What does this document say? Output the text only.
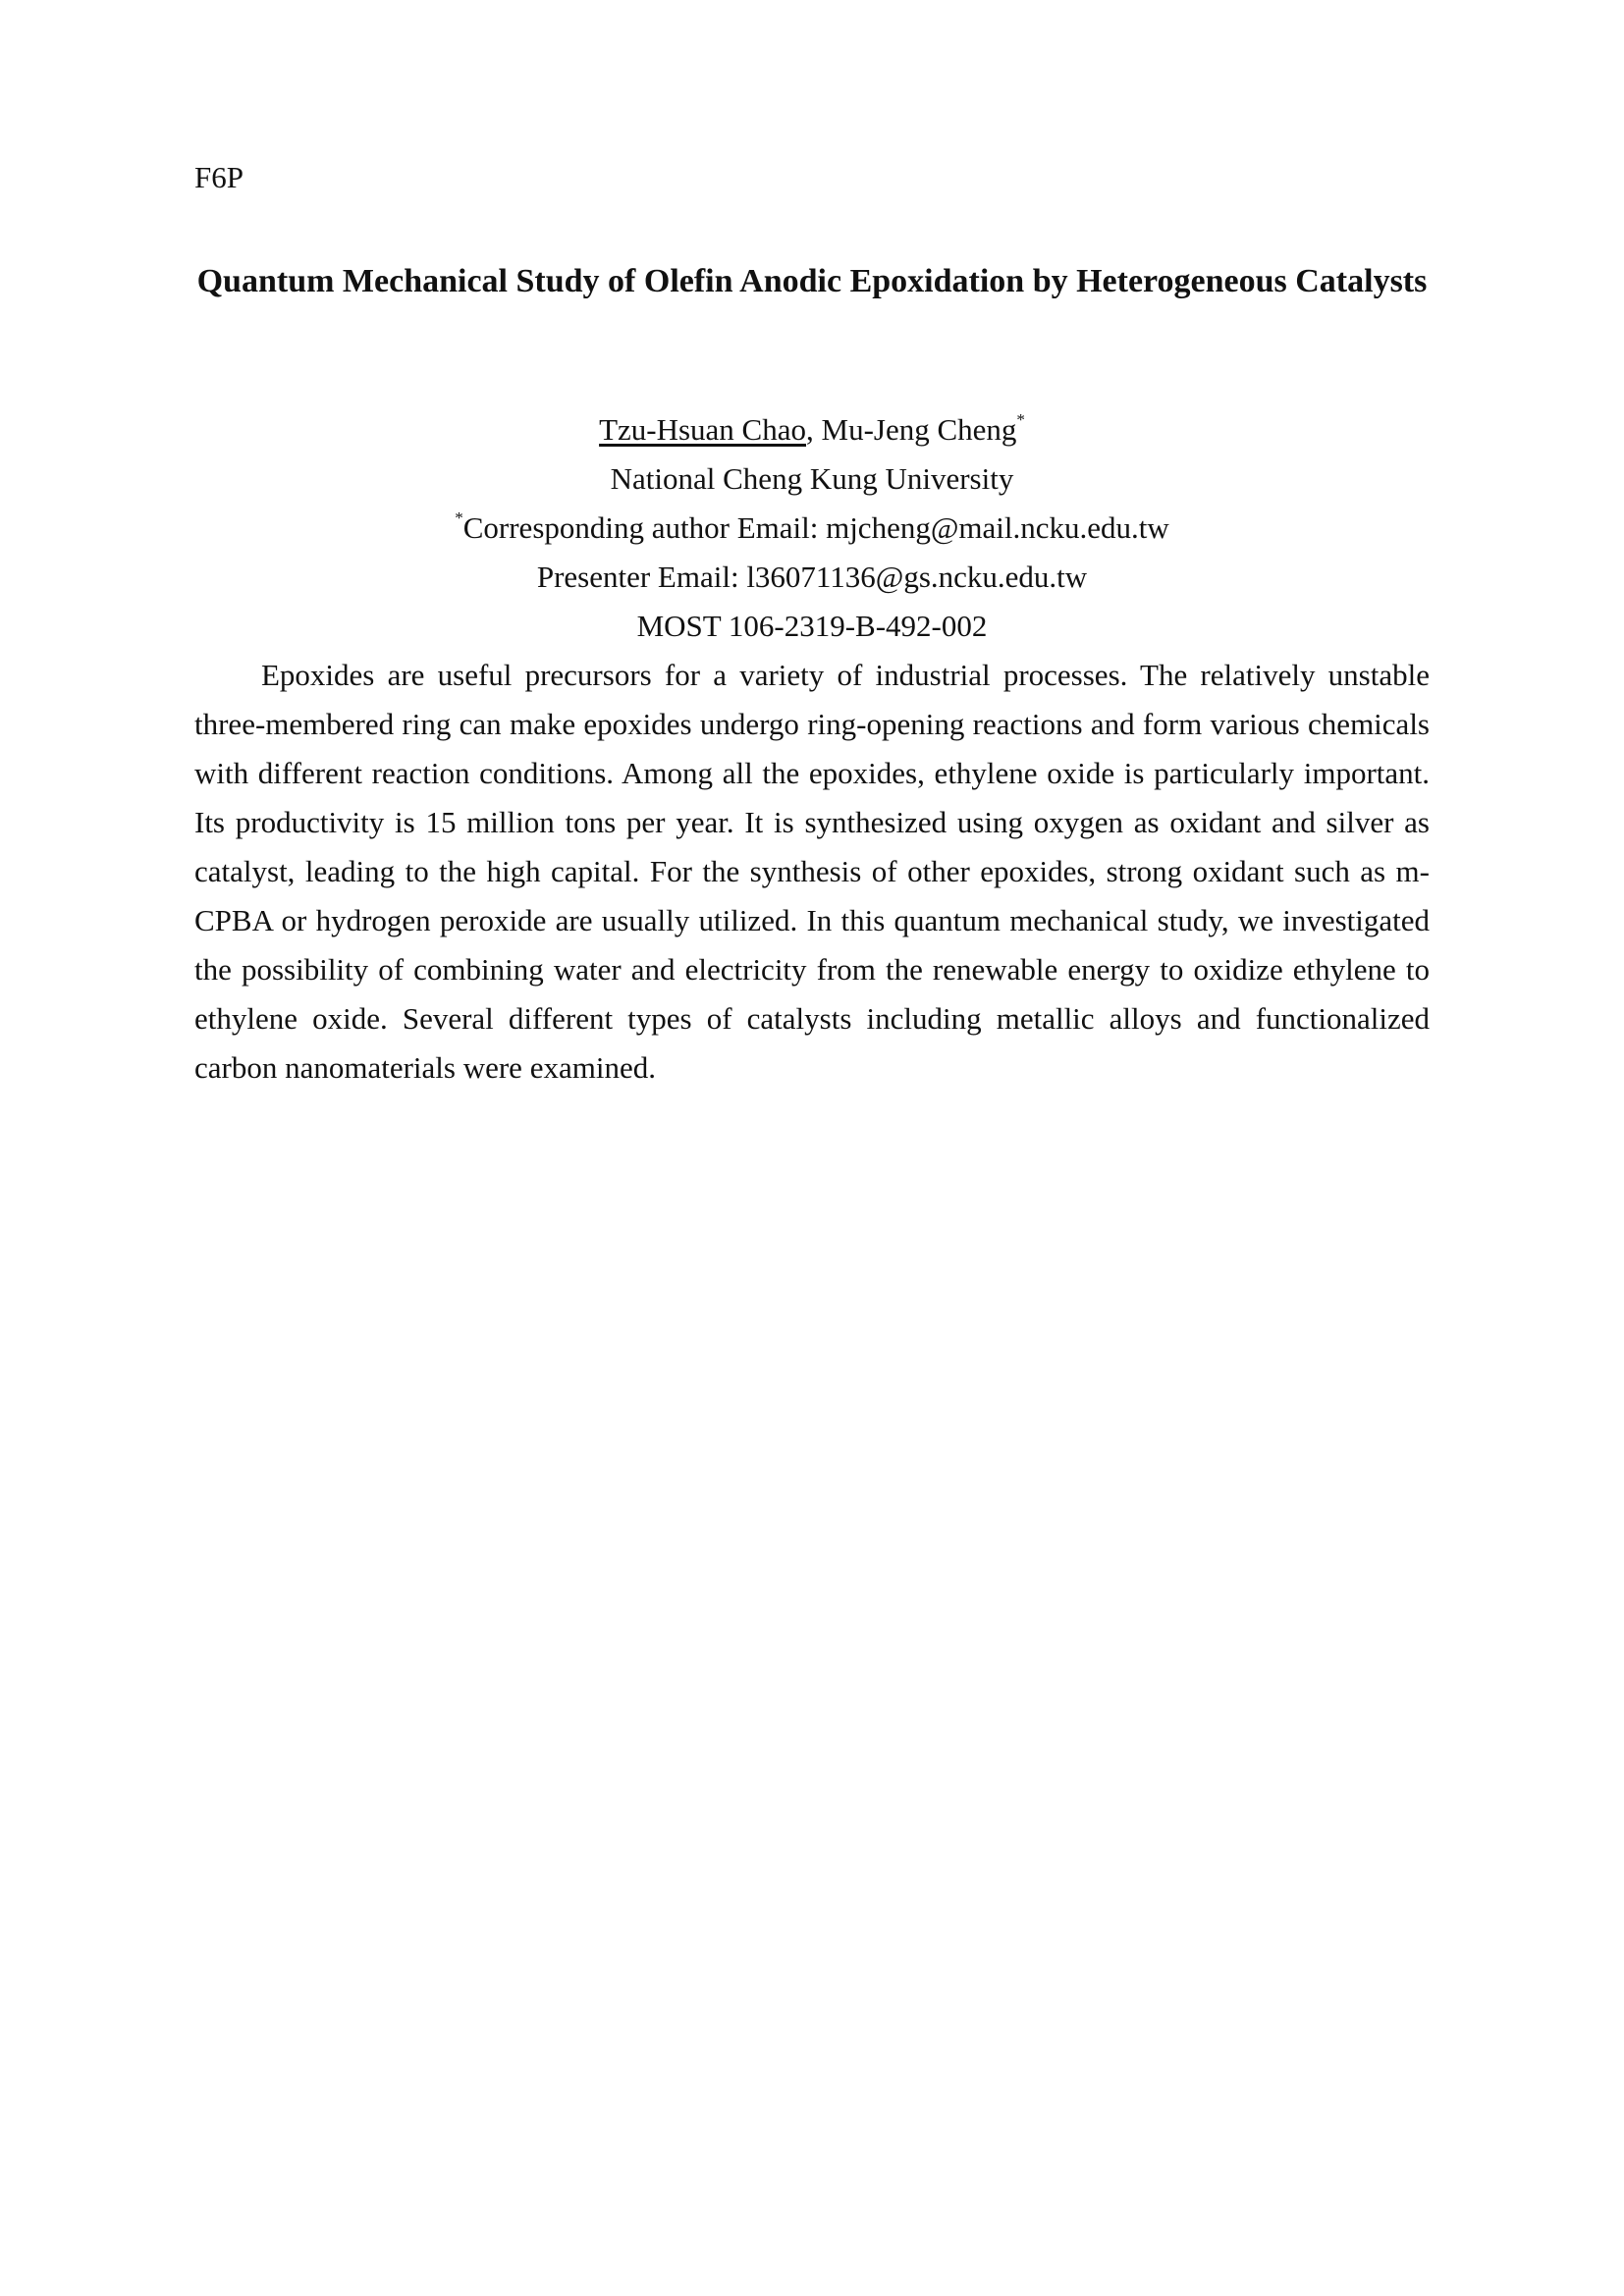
F6P
Quantum Mechanical Study of Olefin Anodic Epoxidation by Heterogeneous Catalysts
Tzu-Hsuan Chao, Mu-Jeng Cheng*
National Cheng Kung University
*Corresponding author Email: mjcheng@mail.ncku.edu.tw
Presenter Email: l36071136@gs.ncku.edu.tw
MOST 106-2319-B-492-002

Epoxides are useful precursors for a variety of industrial processes. The relatively unstable three-membered ring can make epoxides undergo ring-opening reactions and form various chemicals with different reaction conditions. Among all the epoxides, ethylene oxide is particularly important. Its productivity is 15 million tons per year. It is synthesized using oxygen as oxidant and silver as catalyst, leading to the high capital. For the synthesis of other epoxides, strong oxidant such as m-CPBA or hydrogen peroxide are usually utilized. In this quantum mechanical study, we investigated the possibility of combining water and electricity from the renewable energy to oxidize ethylene to ethylene oxide. Several different types of catalysts including metallic alloys and functionalized carbon nanomaterials were examined.
